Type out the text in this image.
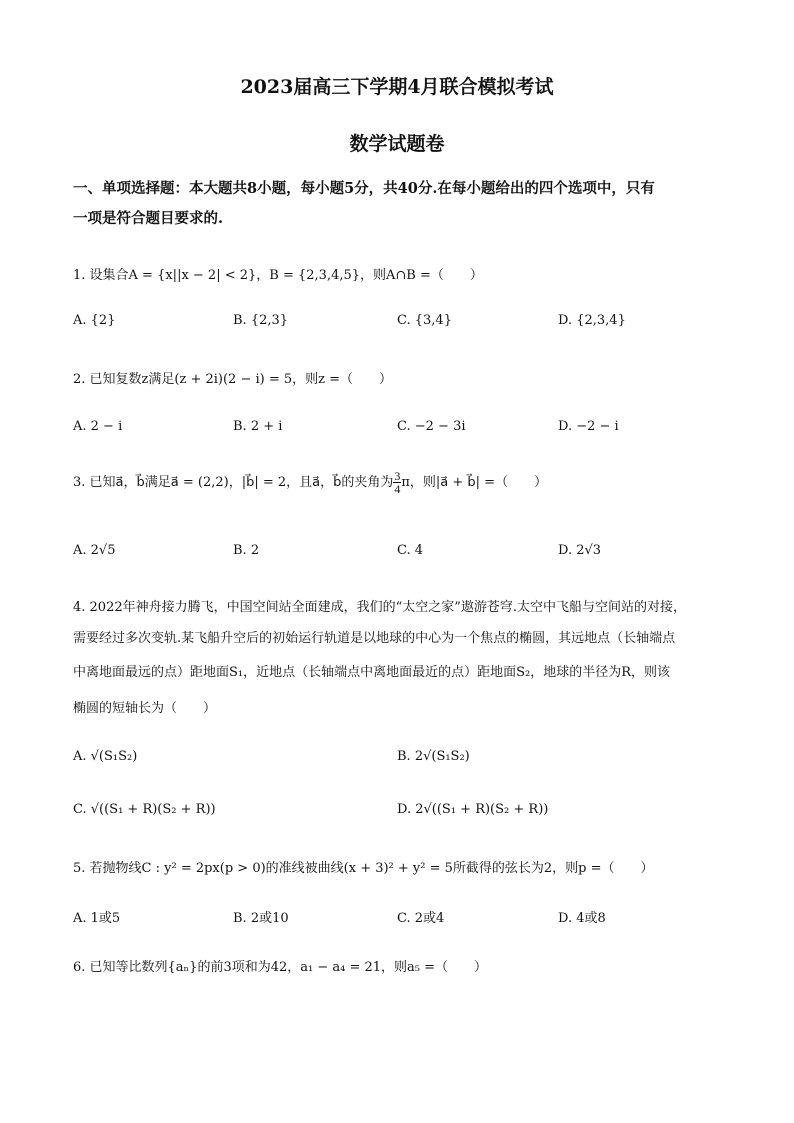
2023届高三下学期4月联合模拟考试
数学试题卷
一、单项选择题：本大题共8小题，每小题5分，共40分.在每小题给出的四个选项中，只有
一项是符合题目要求的.
1. 设集合A = {x||x − 2| < 2}，B = {2,3,4,5}，则A∩B =（　　）
A. {2}	B. {2,3}	C. {3,4}	D. {2,3,4}
2. 已知复数z满足(z + 2i)(2 − i) = 5，则z =（　　）
A. 2 − i	B. 2 + i	C. −2 − 3i	D. −2 − i
3. 已知a⃗，b⃗满足a⃗ = (2,2)，|b⃗| = 2，且a⃗，b⃗的夹角为 $\frac{3}{4}$ π，则|a⃗ + b⃗| =（　　）
A. 2√5	B. 2	C. 4	D. 2√3
4. 2022年神舟接力腾飞，中国空间站全面建成，我们的“太空之家”遨游苍穹.太空中飞船与空间站的对接，
需要经过多次变轨.某飞船升空后的初始运行轨道是以地球的中心为一个焦点的椭圆，其远地点（长轴端点
中离地面最远的点）距地面S₁，近地点（长轴端点中离地面最近的点）距地面S₂，地球的半径为R，则该
椭圆的短轴长为（　　）
A. √(S₁S₂)	B. 2√(S₁S₂)
C. √((S₁ + R)(S₂ + R))	D. 2√((S₁ + R)(S₂ + R))
5. 若抛物线C : y² = 2px(p > 0)的准线被曲线(x + 3)² + y² = 5所截得的弦长为2，则p =（　　）
A. 1或5	B. 2或10	C. 2或4	D. 4或8
6. 已知等比数列{aₙ}的前3项和为42，a₁ − a₄ = 21，则a₅ =（　　）
